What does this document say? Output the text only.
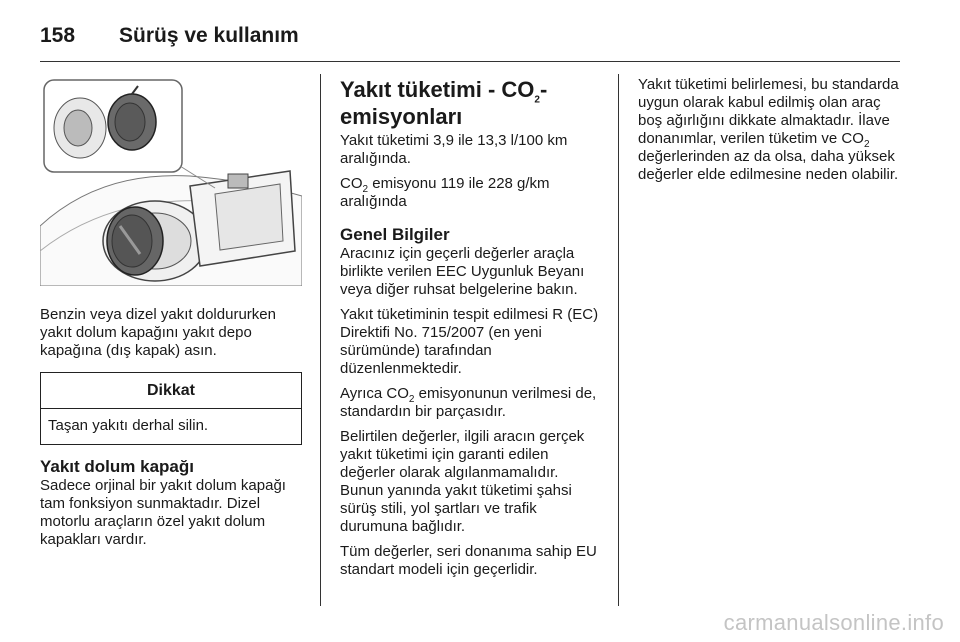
158 Sürüş ve kullanım

Benzin veya dizel yakıt doldururken yakıt dolum kapağını yakıt depo kapağına (dış kapak) asın.

Dikkat
Taşan yakıtı derhal silin.
Yakıt dolum kapağı

Sadece orjinal bir yakıt dolum kapağı tam fonksiyon sunmaktadır. Dizel motorlu araçların özel yakıt dolum kapakları vardır.

Yakıt tüketimi - $CO_2-$
emisyonları

Yakıt tüketimi 3,9 ile 13,3 l/100 km aralığında.

$CO_2$ emisyonu 119 ile 228 g/km aralığında

Genel Bilgiler

Aracınız için geçerli değerler araçla birlikte verilen EEC Uygunluk Beyanı veya diğer ruhsat belgelerine bakın.

Yakıt tüketiminin tespit edilmesi R (EC) Direktifi No. 715/2007 (en yeni sürümünde) tarafından düzenlenmektedir.

Ayrıca $CO_2$ emisyonunun verilmesi de, standardın bir parçasıdır.

Belirtilen değerler, ilgili aracın gerçek yakıt tüketimi için garanti edilen değerler olarak algılanmamalıdır. Bunun yanında yakıt tüketimi şahsi sürüş stili, yol şartları ve trafik durumuna bağlıdır.

Tüm değerler, seri donanıma sahip EU standart modeli için geçerlidir.

Yakıt tüketimi belirlemesi, bu standarda uygun olarak kabul edilmiş olan araç boş ağırlığını dikkate almaktadır. İlave donanımlar, verilen tüketim ve $CO_2$ değerlerinden az da olsa, daha yüksek değerler elde edilmesine neden olabilir.

carmanualsonline.info
